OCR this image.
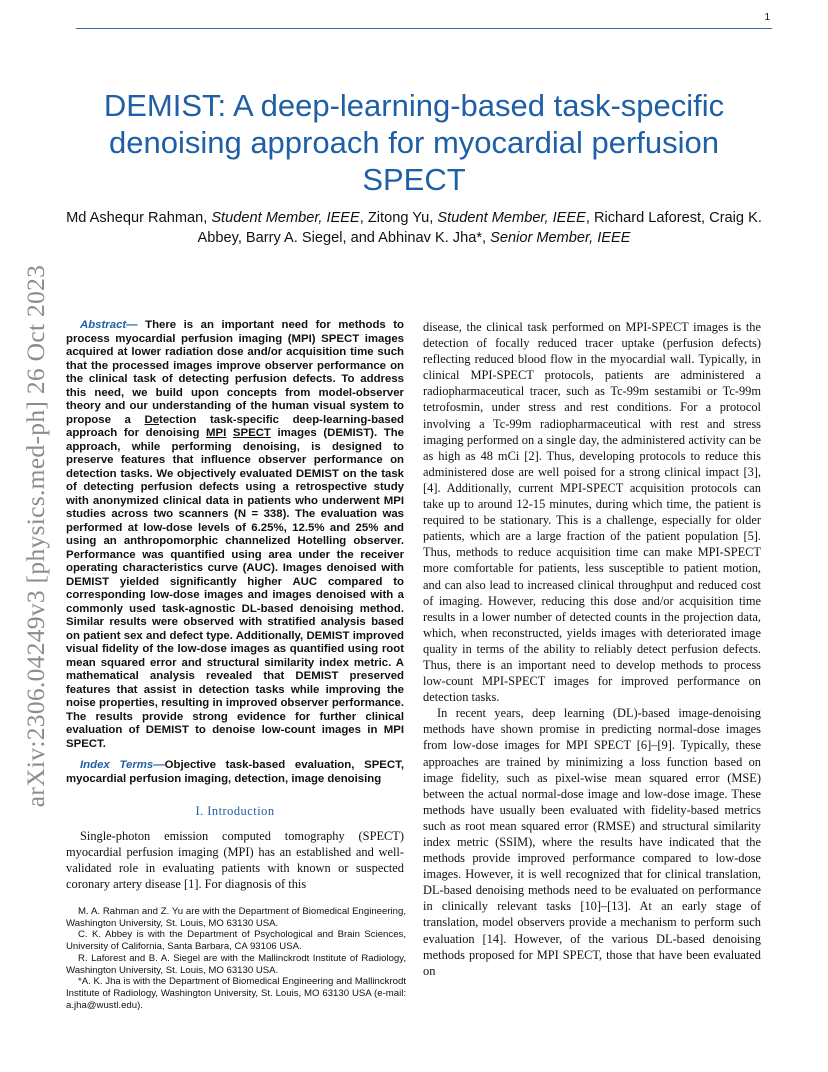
1
arXiv:2306.04249v3 [physics.med-ph] 26 Oct 2023
DEMIST: A deep-learning-based task-specific denoising approach for myocardial perfusion SPECT
Md Ashequr Rahman, Student Member, IEEE, Zitong Yu, Student Member, IEEE, Richard Laforest, Craig K. Abbey, Barry A. Siegel, and Abhinav K. Jha*, Senior Member, IEEE

Abstract— There is an important need for methods to process myocardial perfusion imaging (MPI) SPECT images acquired at lower radiation dose and/or acquisition time such that the processed images improve observer performance on the clinical task of detecting perfusion defects. To address this need, we build upon concepts from model-observer theory and our understanding of the human visual system to propose a Detection task-specific deep-learning-based approach for denoising MPI SPECT images (DEMIST). The approach, while performing denoising, is designed to preserve features that influence observer performance on detection tasks. We objectively evaluated DEMIST on the task of detecting perfusion defects using a retrospective study with anonymized clinical data in patients who underwent MPI studies across two scanners (N = 338). The evaluation was performed at low-dose levels of 6.25%, 12.5% and 25% and using an anthropomorphic channelized Hotelling observer. Performance was quantified using area under the receiver operating characteristics curve (AUC). Images denoised with DEMIST yielded significantly higher AUC compared to corresponding low-dose images and images denoised with a commonly used task-agnostic DL-based denoising method. Similar results were observed with stratified analysis based on patient sex and defect type. Additionally, DEMIST improved visual fidelity of the low-dose images as quantified using root mean squared error and structural similarity index metric. A mathematical analysis revealed that DEMIST preserved features that assist in detection tasks while improving the noise properties, resulting in improved observer performance. The results provide strong evidence for further clinical evaluation of DEMIST to denoise low-count images in MPI SPECT.

Index Terms—Objective task-based evaluation, SPECT, myocardial perfusion imaging, detection, image denoising

I. Introduction

Single-photon emission computed tomography (SPECT) myocardial perfusion imaging (MPI) has an established and well-validated role in evaluating patients with known or suspected coronary artery disease [1]. For diagnosis of this

M. A. Rahman and Z. Yu are with the Department of Biomedical Engineering, Washington University, St. Louis, MO 63130 USA.

C. K. Abbey is with the Department of Psychological and Brain Sciences, University of California, Santa Barbara, CA 93106 USA.

R. Laforest and B. A. Siegel are with the Mallinckrodt Institute of Radiology, Washington University, St. Louis, MO 63130 USA.

*A. K. Jha is with the Department of Biomedical Engineering and Mallinckrodt Institute of Radiology, Washington University, St. Louis, MO 63130 USA (e-mail: a.jha@wustl.edu).

disease, the clinical task performed on MPI-SPECT images is the detection of focally reduced tracer uptake (perfusion defects) reflecting reduced blood flow in the myocardial wall. Typically, in clinical MPI-SPECT protocols, patients are administered a radiopharmaceutical tracer, such as Tc-99m sestamibi or Tc-99m tetrofosmin, under stress and rest conditions. For a protocol involving a Tc-99m radiopharmaceutical with rest and stress imaging performed on a single day, the administered activity can be as high as 48 mCi [2]. Thus, developing protocols to reduce this administered dose are well poised for a strong clinical impact [3], [4]. Additionally, current MPI-SPECT acquisition protocols can take up to around 12-15 minutes, during which time, the patient is required to be stationary. This is a challenge, especially for older patients, which are a large fraction of the patient population [5]. Thus, methods to reduce acquisition time can make MPI-SPECT more comfortable for patients, less susceptible to patient motion, and can also lead to increased clinical throughput and reduced cost of imaging. However, reducing this dose and/or acquisition time results in a lower number of detected counts in the projection data, which, when reconstructed, yields images with deteriorated image quality in terms of the ability to reliably detect perfusion defects. Thus, there is an important need to develop methods to process low-count MPI-SPECT images for improved performance on detection tasks.

In recent years, deep learning (DL)-based image-denoising methods have shown promise in predicting normal-dose images from low-dose images for MPI SPECT [6]–[9]. Typically, these approaches are trained by minimizing a loss function based on image fidelity, such as pixel-wise mean squared error (MSE) between the actual normal-dose image and low-dose image. These methods have usually been evaluated with fidelity-based metrics such as root mean squared error (RMSE) and structural similarity index metric (SSIM), where the results have indicated that the methods provide improved performance compared to low-dose images. However, it is well recognized that for clinical translation, DL-based denoising methods need to be evaluated on performance in clinically relevant tasks [10]–[13]. At an early stage of translation, model observers provide a mechanism to perform such evaluation [14]. However, of the various DL-based denoising methods proposed for MPI SPECT, those that have been evaluated on
